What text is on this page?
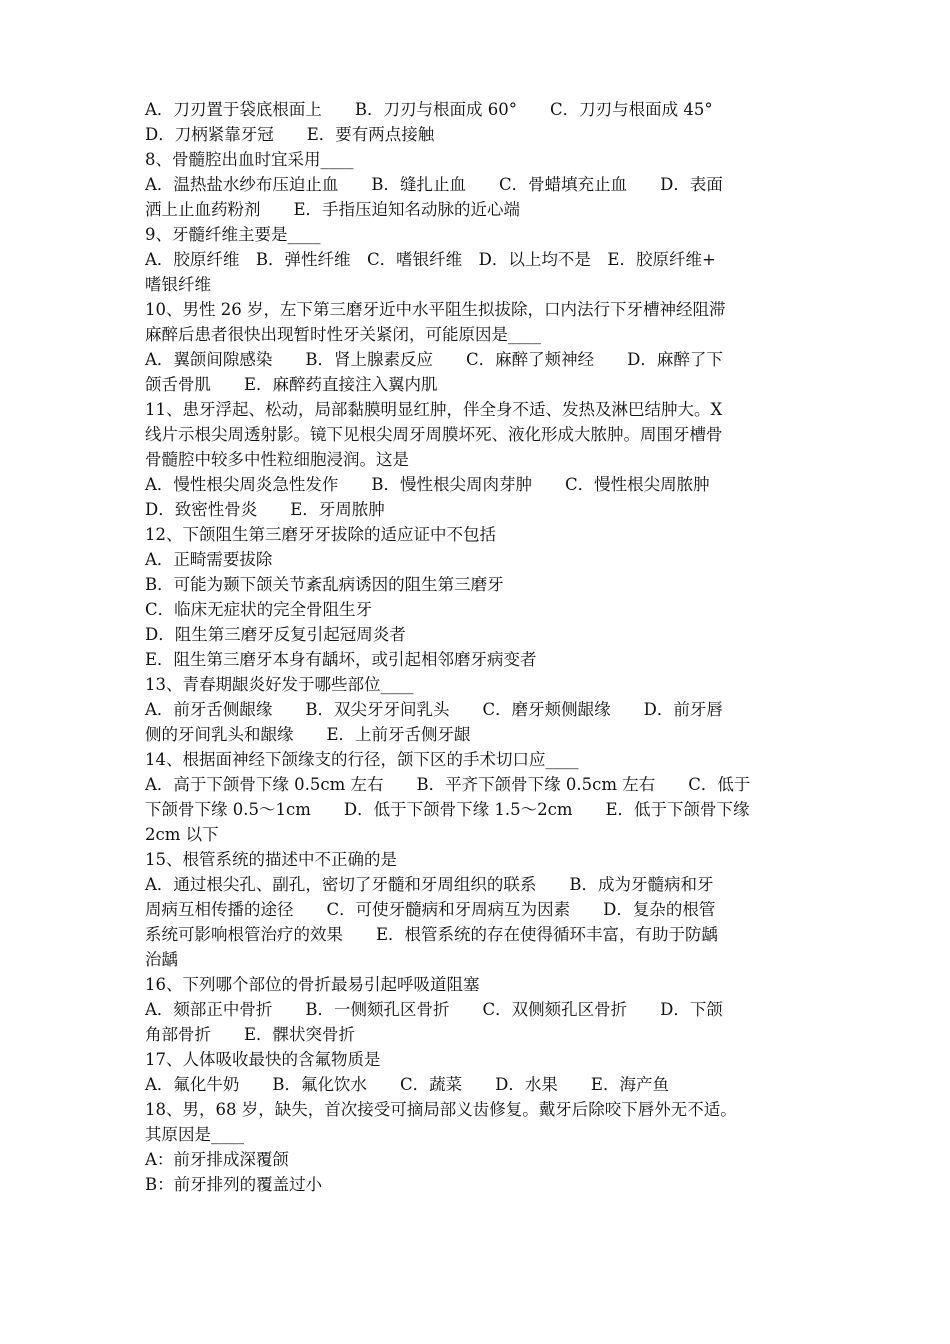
A．刀刃置于袋底根面上　　B．刀刃与根面成 60°　　C．刀刃与根面成 45°
D．刀柄紧靠牙冠　　E．要有两点接触
8、骨髓腔出血时宜采用____
A．温热盐水纱布压迫止血　　B．缝扎止血　　C．骨蜡填充止血　　D．表面
洒上止血药粉剂　　E．手指压迫知名动脉的近心端
9、牙髓纤维主要是____
A．胶原纤维　B．弹性纤维　C．嗜银纤维　D．以上均不是　E．胶原纤维+
嗜银纤维
10、男性 26 岁，左下第三磨牙近中水平阻生拟拔除，口内法行下牙槽神经阻滞
麻醉后患者很快出现暂时性牙关紧闭，可能原因是____
A．翼颌间隙感染　　B．肾上腺素反应　　C．麻醉了颊神经　　D．麻醉了下
颌舌骨肌　　E．麻醉药直接注入翼内肌
11、患牙浮起、松动，局部黏膜明显红肿，伴全身不适、发热及淋巴结肿大。X
线片示根尖周透射影。镜下见根尖周牙周膜坏死、液化形成大脓肿。周围牙槽骨
骨髓腔中较多中性粒细胞浸润。这是
A．慢性根尖周炎急性发作　　B．慢性根尖周肉芽肿　　C．慢性根尖周脓肿
D．致密性骨炎　　E．牙周脓肿
12、下颌阻生第三磨牙牙拔除的适应证中不包括
A．正畸需要拔除
B．可能为颞下颌关节紊乱病诱因的阻生第三磨牙
C．临床无症状的完全骨阻生牙
D．阻生第三磨牙反复引起冠周炎者
E．阻生第三磨牙本身有龋坏，或引起相邻磨牙病变者
13、青春期龈炎好发于哪些部位____
A．前牙舌侧龈缘　　B．双尖牙牙间乳头　　C．磨牙颊侧龈缘　　D．前牙唇
侧的牙间乳头和龈缘　　E．上前牙舌侧牙龈
14、根据面神经下颌缘支的行径，颌下区的手术切口应____
A．高于下颌骨下缘 0.5cm 左右　　B．平齐下颌骨下缘 0.5cm 左右　　C．低于
下颌骨下缘 0.5～1cm　　D．低于下颌骨下缘 1.5～2cm　　E．低于下颌骨下缘
2cm 以下
15、根管系统的描述中不正确的是
A．通过根尖孔、副孔，密切了牙髓和牙周组织的联系　　B．成为牙髓病和牙
周病互相传播的途径　　C．可使牙髓病和牙周病互为因素　　D．复杂的根管
系统可影响根管治疗的效果　　E．根管系统的存在使得循环丰富，有助于防龋
治龋
16、下列哪个部位的骨折最易引起呼吸道阻塞
A．颏部正中骨折　　B．一侧颏孔区骨折　　C．双侧颏孔区骨折　　D．下颌
角部骨折　　E．髁状突骨折
17、人体吸收最快的含氟物质是
A．氟化牛奶　　B．氟化饮水　　C．蔬菜　　D．水果　　E．海产鱼
18、男，68 岁，缺失，首次接受可摘局部义齿修复。戴牙后除咬下唇外无不适。
其原因是____
A：前牙排成深覆颌
B：前牙排列的覆盖过小
